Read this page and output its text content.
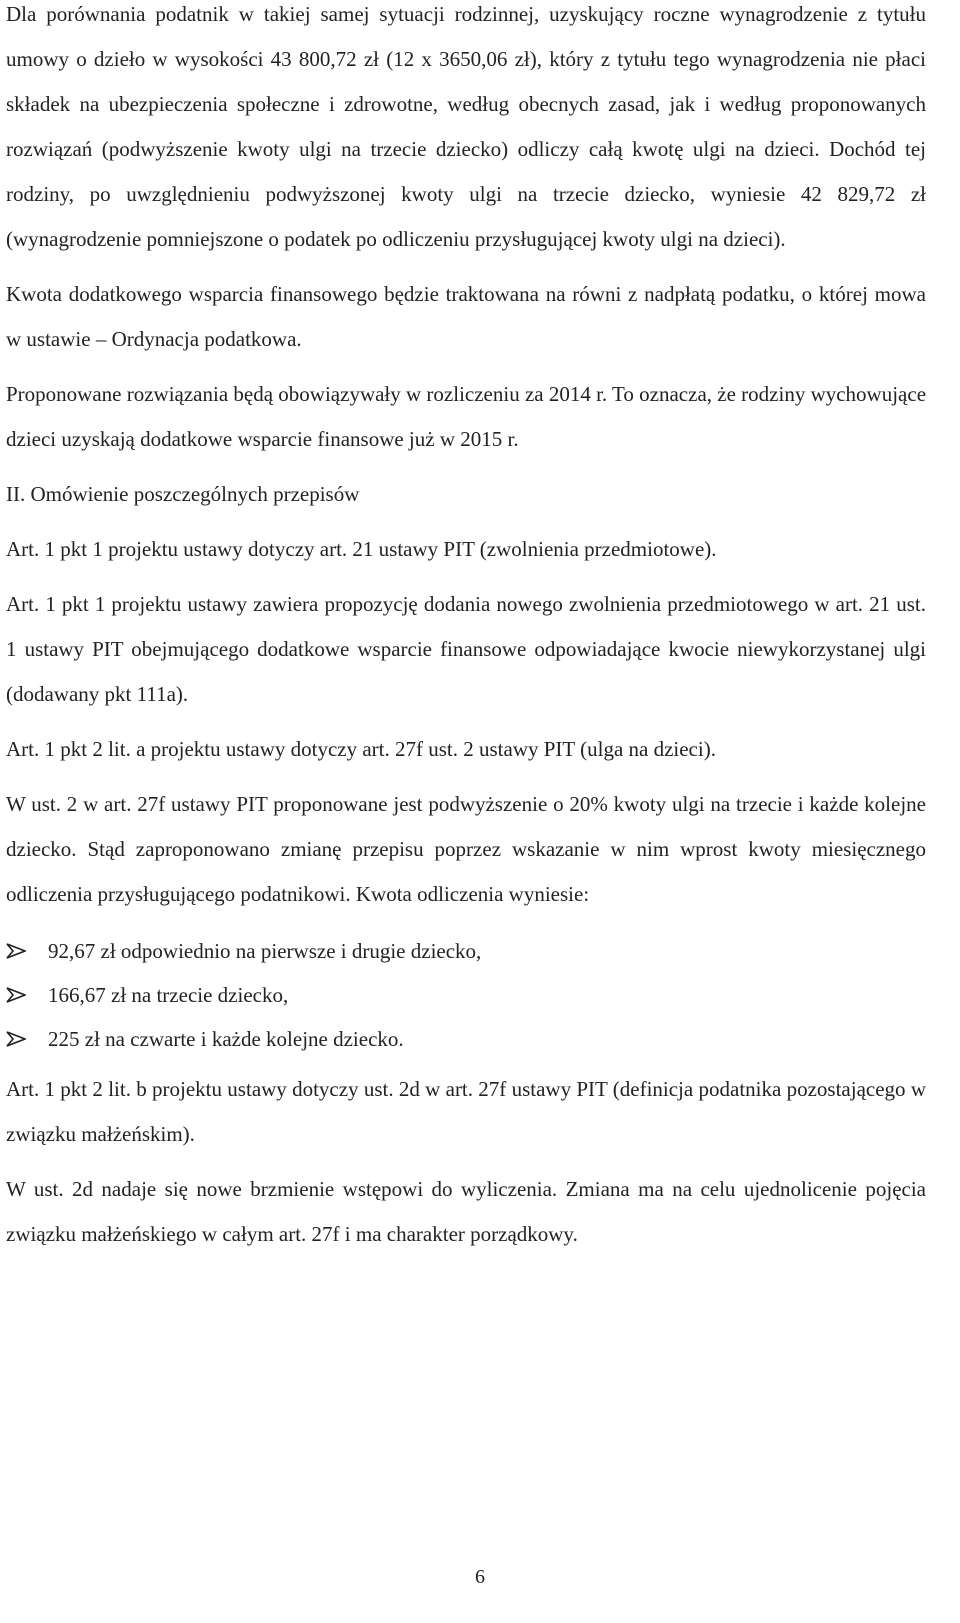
Dla porównania podatnik w takiej samej sytuacji rodzinnej, uzyskujący roczne wynagrodzenie z tytułu umowy o dzieło w wysokości 43 800,72 zł (12 x 3650,06 zł), który z tytułu tego wynagrodzenia nie płaci składek na ubezpieczenia społeczne i zdrowotne, według obecnych zasad, jak i według proponowanych rozwiązań (podwyższenie kwoty ulgi na trzecie dziecko) odliczy całą kwotę ulgi na dzieci. Dochód tej rodziny, po uwzględnieniu podwyższonej kwoty ulgi na trzecie dziecko, wyniesie 42 829,72 zł (wynagrodzenie pomniejszone o podatek po odliczeniu przysługującej kwoty ulgi na dzieci).

Kwota dodatkowego wsparcia finansowego będzie traktowana na równi z nadpłatą podatku, o której mowa w ustawie – Ordynacja podatkowa.

Proponowane rozwiązania będą obowiązywały w rozliczeniu za 2014 r. To oznacza, że rodziny wychowujące dzieci uzyskają dodatkowe wsparcie finansowe już w 2015 r.

II. Omówienie poszczególnych przepisów

Art. 1 pkt 1 projektu ustawy dotyczy art. 21 ustawy PIT (zwolnienia przedmiotowe).

Art. 1 pkt 1 projektu ustawy zawiera propozycję dodania nowego zwolnienia przedmiotowego w art. 21 ust. 1 ustawy PIT obejmującego dodatkowe wsparcie finansowe odpowiadające kwocie niewykorzystanej ulgi (dodawany pkt 111a).

Art. 1 pkt 2 lit. a projektu ustawy dotyczy art. 27f ust. 2 ustawy PIT (ulga na dzieci).

W ust. 2 w art. 27f ustawy PIT proponowane jest podwyższenie o 20% kwoty ulgi na trzecie i każde kolejne dziecko. Stąd zaproponowano zmianę przepisu poprzez wskazanie w nim wprost kwoty miesięcznego odliczenia przysługującego podatnikowi. Kwota odliczenia wyniesie:

92,67 zł odpowiednio na pierwsze i drugie dziecko,
166,67 zł na trzecie dziecko,
225 zł na czwarte i każde kolejne dziecko.

Art. 1 pkt 2 lit. b projektu ustawy dotyczy ust. 2d w art. 27f ustawy PIT (definicja podatnika pozostającego w związku małżeńskim).

W ust. 2d nadaje się nowe brzmienie wstępowi do wyliczenia. Zmiana ma na celu ujednolicenie pojęcia związku małżeńskiego w całym art. 27f i ma charakter porządkowy.

6
